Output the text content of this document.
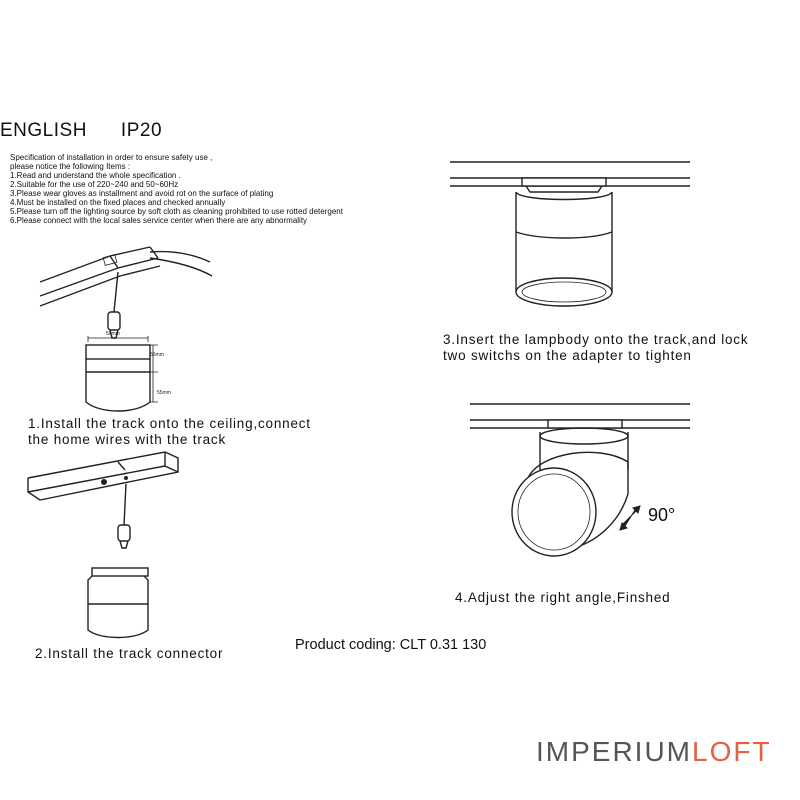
ENGLISH IP20
Specification of installation in order to ensure safety use ,
please notice the following Items :
1.Read and understand the whole specification .
2.Suitable for the use of 220~240 and 50~60Hz
3.Please wear gloves as installment and avoid rot on the surface of plating
4.Must be installed on the fixed places and checked annually
5.Please turn off the lighting source by soft cloth as cleaning prohibited to use rotted detergent
6.Please connect with the local sales service center when there are any abnormality
50mm
55mm
55mm
1.Install the track onto the ceiling,connect
the home wires with the track
2.Install the track connector
3.Insert the lampbody onto the track,and lock
two switchs on the adapter to tighten
90°
4.Adjust the right angle,Finshed
Product coding: CLT 0.31 130
IMPERIUMLOFT
